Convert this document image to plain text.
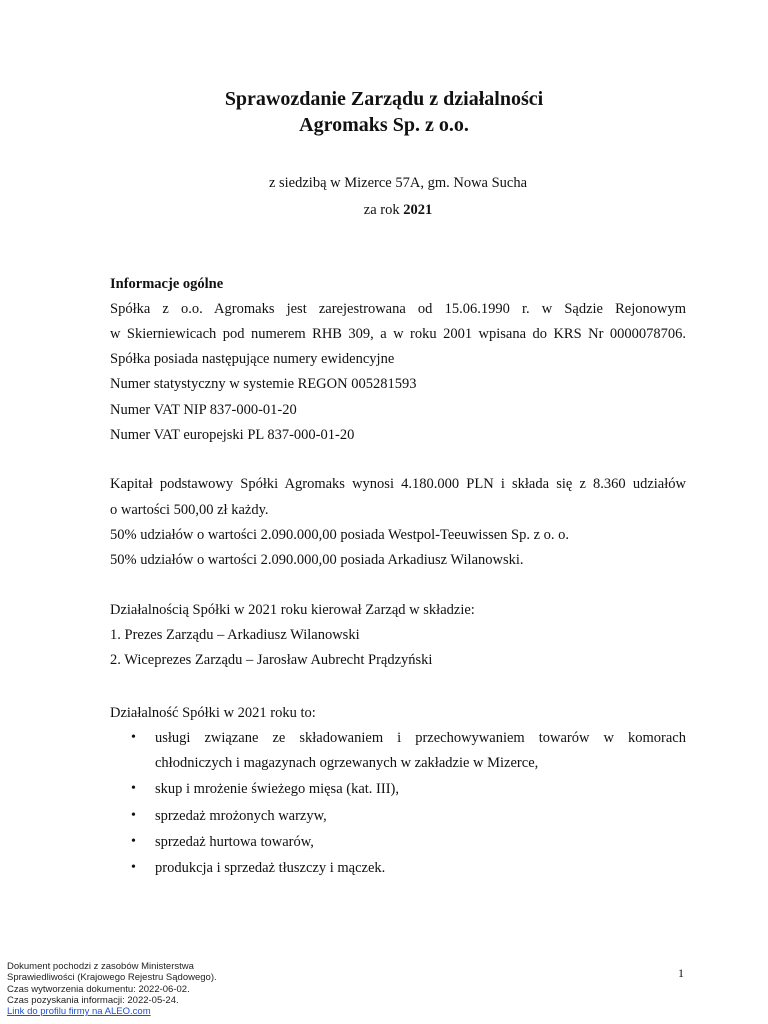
Sprawozdanie Zarządu z działalności
Agromaks Sp. z o.o.
z siedzibą w Mizerce 57A, gm. Nowa Sucha
za rok 2021
Informacje ogólne
Spółka z o.o. Agromaks jest zarejestrowana od 15.06.1990 r. w Sądzie Rejonowym
w Skierniewicach pod numerem RHB 309, a w roku 2001 wpisana do KRS Nr 0000078706.
Spółka posiada następujące numery ewidencyjne
Numer statystyczny w systemie REGON 005281593
Numer VAT NIP 837-000-01-20
Numer VAT europejski PL 837-000-01-20
Kapitał podstawowy Spółki Agromaks wynosi 4.180.000 PLN i składa się z 8.360 udziałów
o wartości 500,00 zł każdy.
50% udziałów o wartości 2.090.000,00 posiada Westpol-Teeuwissen Sp. z o. o.
50% udziałów o wartości 2.090.000,00 posiada Arkadiusz Wilanowski.
Działalnością Spółki w 2021 roku kierował Zarząd w składzie:
1. Prezes Zarządu – Arkadiusz Wilanowski
2. Wiceprezes Zarządu – Jarosław Aubrecht Prądzyński
Działalność Spółki w 2021 roku to:
• usługi związane ze składowaniem i przechowywaniem towarów w komorach
chłodniczych i magazynach ogrzewanych w zakładzie w Mizerce,
• skup i mrożenie świeżego mięsa (kat. III),
• sprzedaż mrożonych warzyw,
• sprzedaż hurtowa towarów,
• produkcja i sprzedaż tłuszczy i mączek.
Dokument pochodzi z zasobów Ministerstwa
Sprawiedliwości (Krajowego Rejestru Sądowego).
Czas wytworzenia dokumentu: 2022-06-02.
Czas pozyskania informacji: 2022-05-24.
Link do profilu firmy na ALEO.com
1
